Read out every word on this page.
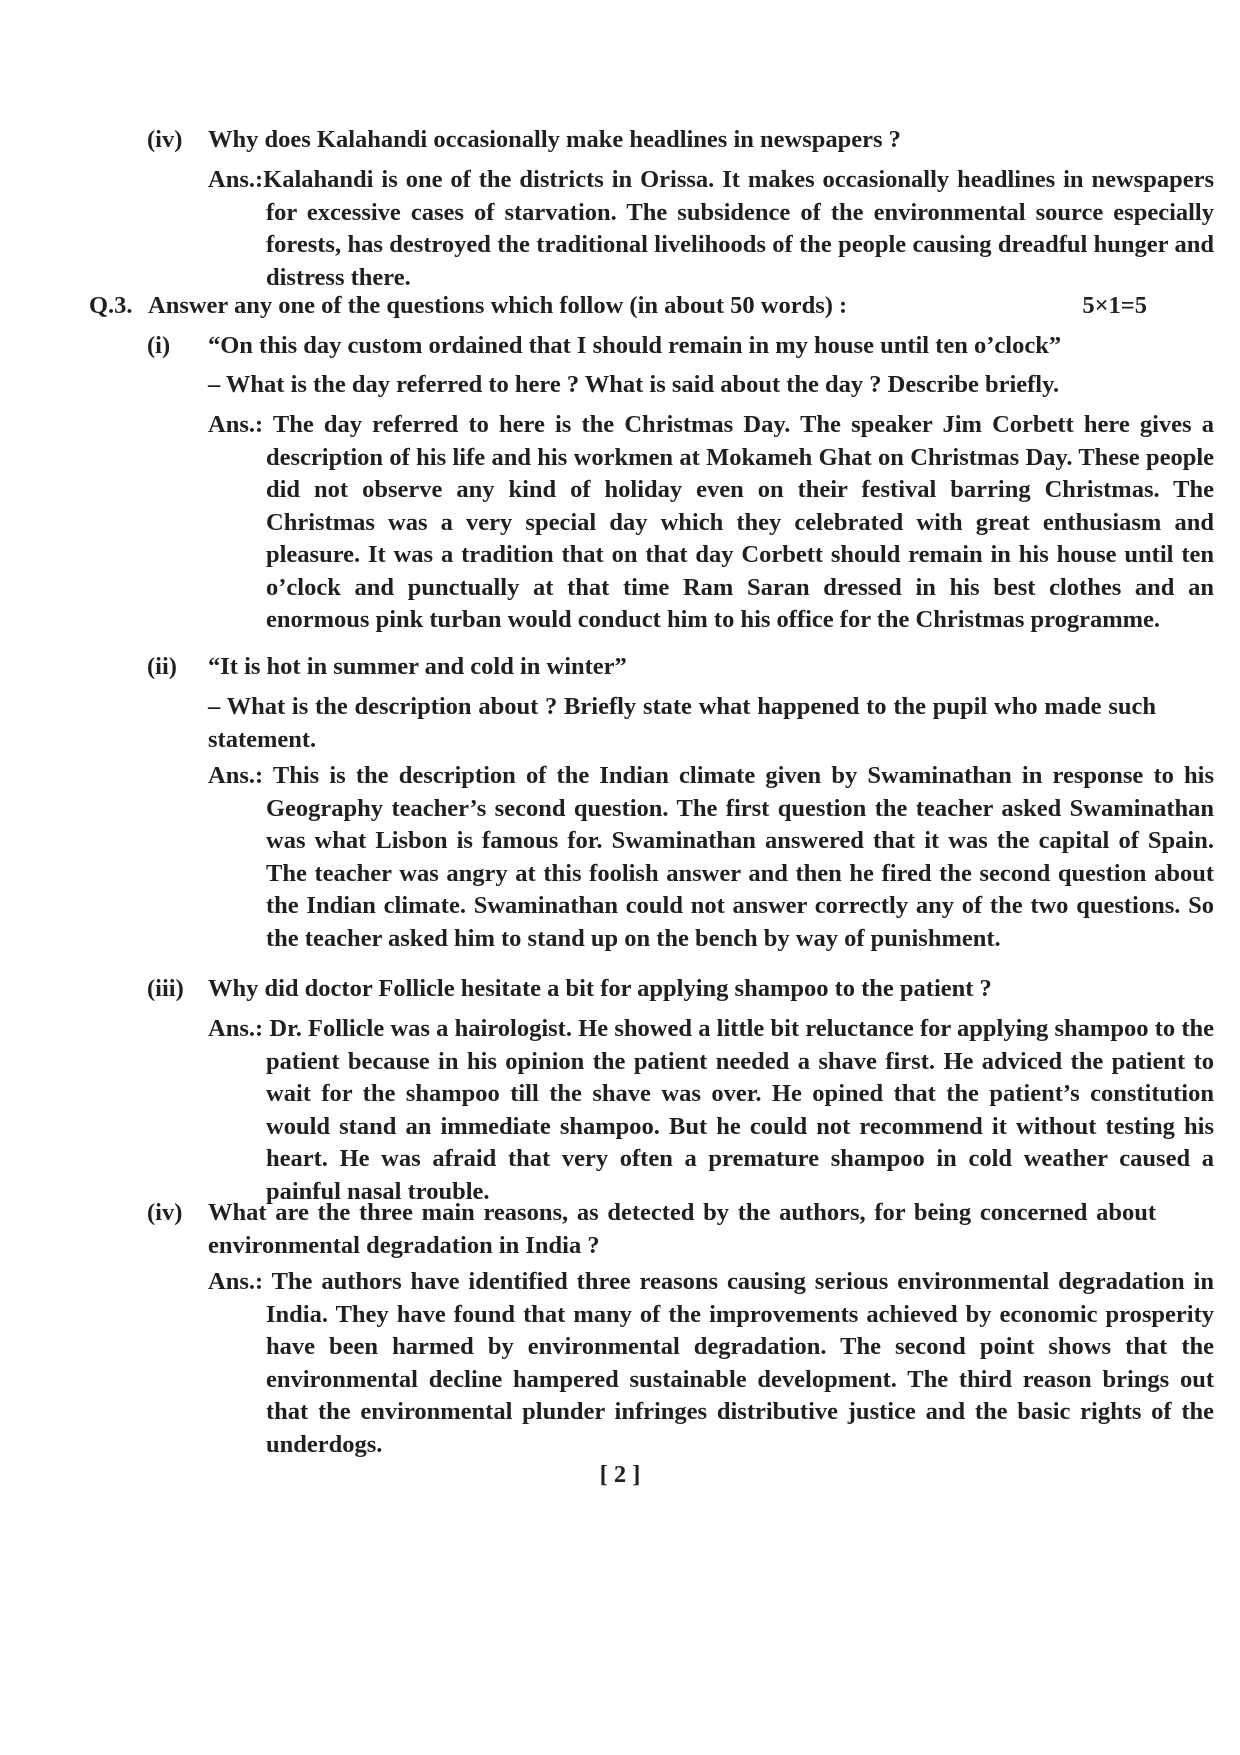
(iv) Why does Kalahandi occasionally make headlines in newspapers ?
Ans.:Kalahandi is one of the districts in Orissa. It makes occasionally headlines in newspapers for excessive cases of starvation. The subsidence of the environmental source especially forests, has destroyed the traditional livelihoods of the people causing dreadful hunger and distress there.
Q.3. Answer any one of the questions which follow (in about 50 words) :	5×1=5
(i) “On this day custom ordained that I should remain in my house until ten o’clock”
– What is the day referred to here ? What is said about the day ? Describe briefly.
Ans.: The day referred to here is the Christmas Day. The speaker Jim Corbett here gives a description of his life and his workmen at Mokameh Ghat on Christmas Day. These people did not observe any kind of holiday even on their festival barring Christmas. The Christmas was a very special day which they celebrated with great enthusiasm and pleasure. It was a tradition that on that day Corbett should remain in his house until ten o’clock and punctually at that time Ram Saran dressed in his best clothes and an enormous pink turban would conduct him to his office for the Christmas programme.
(ii) “It is hot in summer and cold in winter”
– What is the description about ? Briefly state what happened to the pupil who made such statement.
Ans.: This is the description of the Indian climate given by Swaminathan in response to his Geography teacher’s second question. The first question the teacher asked Swaminathan was what Lisbon is famous for. Swaminathan answered that it was the capital of Spain. The teacher was angry at this foolish answer and then he fired the second question about the Indian climate. Swaminathan could not answer correctly any of the two questions. So the teacher asked him to stand up on the bench by way of punishment.
(iii) Why did doctor Follicle hesitate a bit for applying shampoo to the patient ?
Ans.: Dr. Follicle was a hairologist. He showed a little bit reluctance for applying shampoo to the patient because in his opinion the patient needed a shave first. He adviced the patient to wait for the shampoo till the shave was over. He opined that the patient’s constitution would stand an immediate shampoo. But he could not recommend it without testing his heart. He was afraid that very often a premature shampoo in cold weather caused a painful nasal trouble.
(iv) What are the three main reasons, as detected by the authors, for being concerned about environmental degradation in India ?
Ans.: The authors have identified three reasons causing serious environmental degradation in India. They have found that many of the improvements achieved by economic prosperity have been harmed by environmental degradation. The second point shows that the environmental decline hampered sustainable development. The third reason brings out that the environmental plunder infringes distributive justice and the basic rights of the underdogs.
[ 2 ]
